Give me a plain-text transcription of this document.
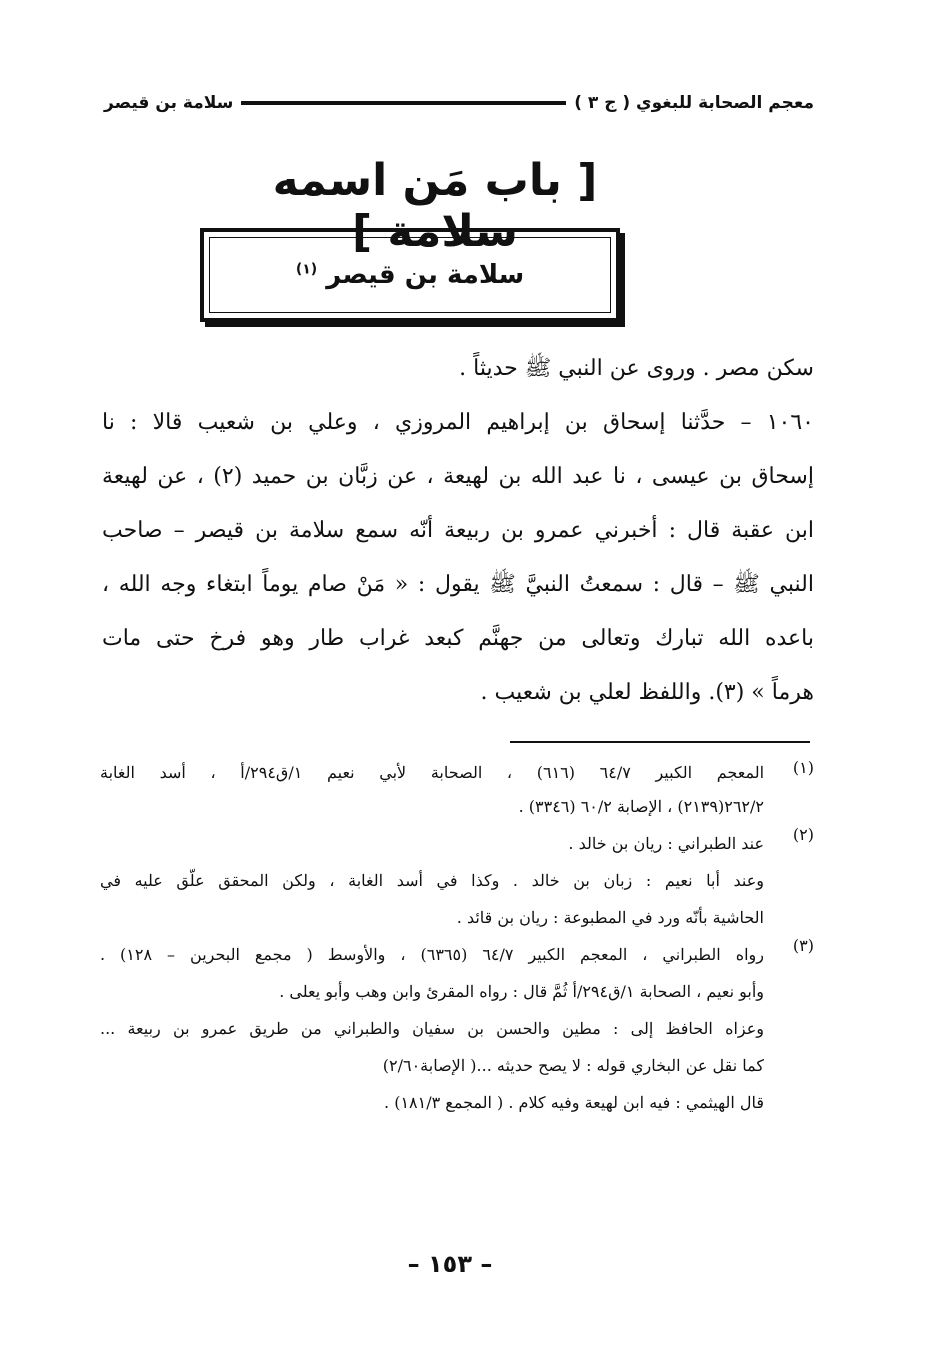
معجم الصحابة للبغوي ( ج ٣ )
سلامة بن قيصر
[ باب مَن اسمه سلامة ]
سلامة بن قيصر $^{(١)}$
سكن مصر . وروى عن النبي ﷺ حديثاً .
١٠٦٠ – حدَّثنا إسحاق بن إبراهيم المروزي ، وعلي بن شعيب قالا : نا
إسحاق بن عيسى ، نا عبد الله بن لهيعة ، عن زبَّان بن حميد (٢) ، عن لهيعة
ابن عقبة قال : أخبرني عمرو بن ربيعة أنّه سمع سلامة بن قيصر – صاحب
النبي ﷺ – قال : سمعتُ النبيَّ ﷺ يقول : « مَنْ صام يوماً ابتغاء وجه الله ،
باعده الله تبارك وتعالى من جهنَّم كبعد غراب طار وهو فرخ حتى مات
هرماً » (٣). واللفظ لعلي بن شعيب .
(١)
المعجم الكبير ٦٤/٧ (٦١٦) ، الصحابة لأبي نعيم ١/ق٢٩٤/أ ، أسد الغابة
٢٦٢/٢(٢١٣٩) ، الإصابة ٦٠/٢ (٣٣٤٦) .
(٢)
عند الطبراني : ريان بن خالد .
وعند أبا نعيم : زبان بن خالد . وكذا في أسد الغابة ، ولكن المحقق علّق عليه في
الحاشية بأنّه ورد في المطبوعة : ريان بن قائد .
(٣)
رواه الطبراني ، المعجم الكبير ٦٤/٧ (٦٣٦٥) ، والأوسط ( مجمع البحرين – ١٢٨) .
وأبو نعيم ، الصحابة ١/ق٢٩٤/أ ثُمَّ قال : رواه المقرئ وابن وهب وأبو يعلى .
وعزاه الحافظ إلى : مطين والحسن بن سفيان والطبراني من طريق عمرو بن ربيعة ...
كما نقل عن البخاري قوله : لا يصح حديثه ...( الإصابة٢/٦٠)
قال الهيثمي : فيه ابن لهيعة وفيه كلام . ( المجمع ١٨١/٣) .
– ١٥٣ –
